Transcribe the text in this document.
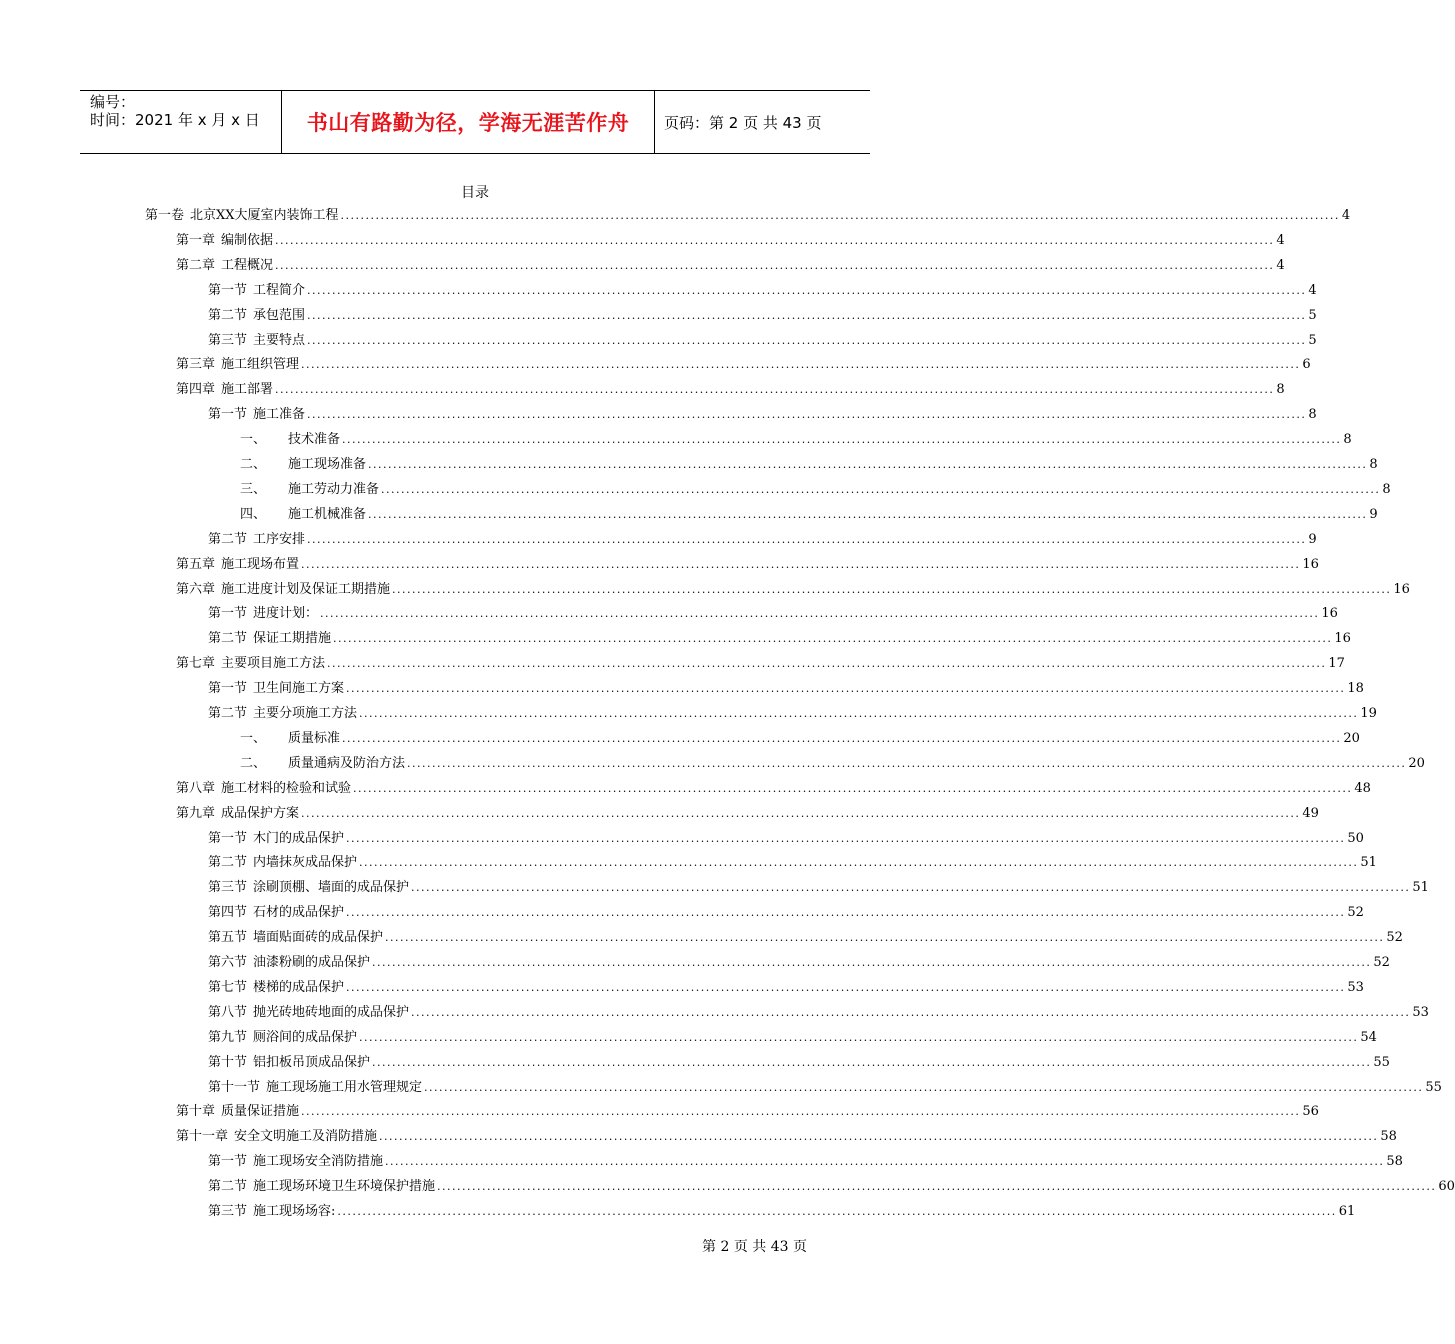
编号：
时间：2021 年 x 月 x 日	书山有路勤为径，学海无涯苦作舟	页码：第 2 页 共 43 页
目录
第一卷 北京XX大厦室内装饰工程 ........................................................................................................................................................................................................ 4
第一章 编制依据 ........................................................................................................................................................................................................ 4
第二章 工程概况 ........................................................................................................................................................................................................ 4
第一节 工程简介 ........................................................................................................................................................................................................ 4
第二节 承包范围 ........................................................................................................................................................................................................ 5
第三节 主要特点 ........................................................................................................................................................................................................ 5
第三章 施工组织管理 ........................................................................................................................................................................................................ 6
第四章 施工部署 ........................................................................................................................................................................................................ 8
第一节 施工准备 ........................................................................................................................................................................................................ 8
一、 技术准备 ........................................................................................................................................................................................................ 8
二、 施工现场准备 ........................................................................................................................................................................................................ 8
三、 施工劳动力准备 ........................................................................................................................................................................................................ 8
四、 施工机械准备 ........................................................................................................................................................................................................ 9
第二节 工序安排 ........................................................................................................................................................................................................ 9
第五章 施工现场布置 ........................................................................................................................................................................................................ 16
第六章 施工进度计划及保证工期措施 ........................................................................................................................................................................................................ 16
第一节 进度计划： ........................................................................................................................................................................................................ 16
第二节 保证工期措施 ........................................................................................................................................................................................................ 16
第七章 主要项目施工方法 ........................................................................................................................................................................................................ 17
第一节 卫生间施工方案 ........................................................................................................................................................................................................ 18
第二节 主要分项施工方法 ........................................................................................................................................................................................................ 19
一、 质量标准 ........................................................................................................................................................................................................ 20
二、 质量通病及防治方法 ........................................................................................................................................................................................................ 20
第八章 施工材料的检验和试验 ........................................................................................................................................................................................................ 48
第九章 成品保护方案 ........................................................................................................................................................................................................ 49
第一节 木门的成品保护 ........................................................................................................................................................................................................ 50
第二节 内墙抹灰成品保护 ........................................................................................................................................................................................................ 51
第三节 涂刷顶棚、墙面的成品保护 ........................................................................................................................................................................................................ 51
第四节 石材的成品保护 ........................................................................................................................................................................................................ 52
第五节 墙面贴面砖的成品保护 ........................................................................................................................................................................................................ 52
第六节 油漆粉刷的成品保护 ........................................................................................................................................................................................................ 52
第七节 楼梯的成品保护 ........................................................................................................................................................................................................ 53
第八节 抛光砖地砖地面的成品保护 ........................................................................................................................................................................................................ 53
第九节 厕浴间的成品保护 ........................................................................................................................................................................................................ 54
第十节 铝扣板吊顶成品保护 ........................................................................................................................................................................................................ 55
第十一节 施工现场施工用水管理规定 ........................................................................................................................................................................................................ 55
第十章 质量保证措施 ........................................................................................................................................................................................................ 56
第十一章 安全文明施工及消防措施 ........................................................................................................................................................................................................ 58
第一节 施工现场安全消防措施 ........................................................................................................................................................................................................ 58
第二节 施工现场环境卫生环境保护措施 ........................................................................................................................................................................................................ 60
第三节 施工现场场容: ........................................................................................................................................................................................................ 61
第 2 页 共 43 页
